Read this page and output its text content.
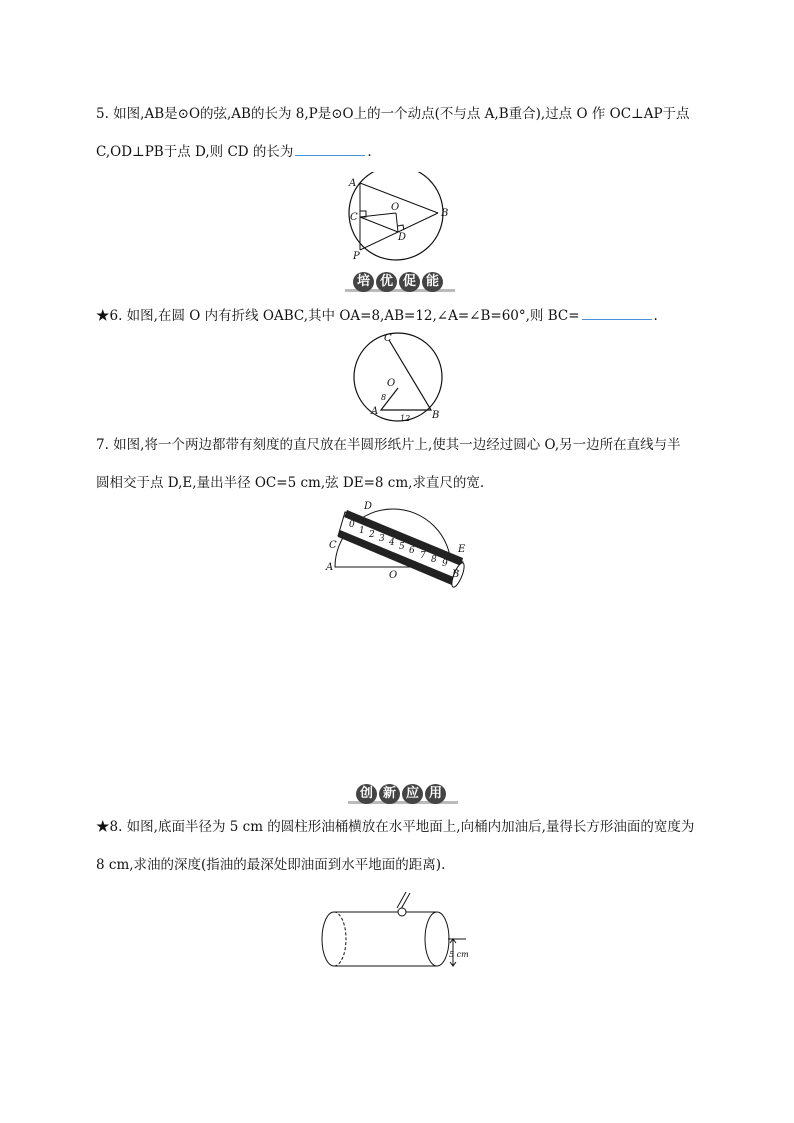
5. 如图,AB是⊙O的弦,AB的长为 8,P是⊙O上的一个动点(不与点 A,B重合),过点 O 作 OC⊥AP于点
C,OD⊥PB于点 D,则 CD 的长为	.
A
B
C
O
D
P
培 优 促 能
★6. 如图,在圆 O 内有折线 OABC,其中 OA=8,AB=12,∠A=∠B=60°,则 BC=	.
C
O
A	B
8
12
7. 如图,将一个两边都带有刻度的直尺放在半圆形纸片上,使其一边经过圆心 O,另一边所在直线与半
圆相交于点 D,E,量出半径 OC=5 cm,弦 DE=8 cm,求直尺的宽.
0
1 2 3 4 5 6 7 8 9
D
E
C
A
O	B
创 新 应 用
★8. 如图,底面半径为 5 cm 的圆柱形油桶横放在水平地面上,向桶内加油后,量得长方形油面的宽度为
8 cm,求油的深度(指油的最深处即油面到水平地面的距离).
5 cm
